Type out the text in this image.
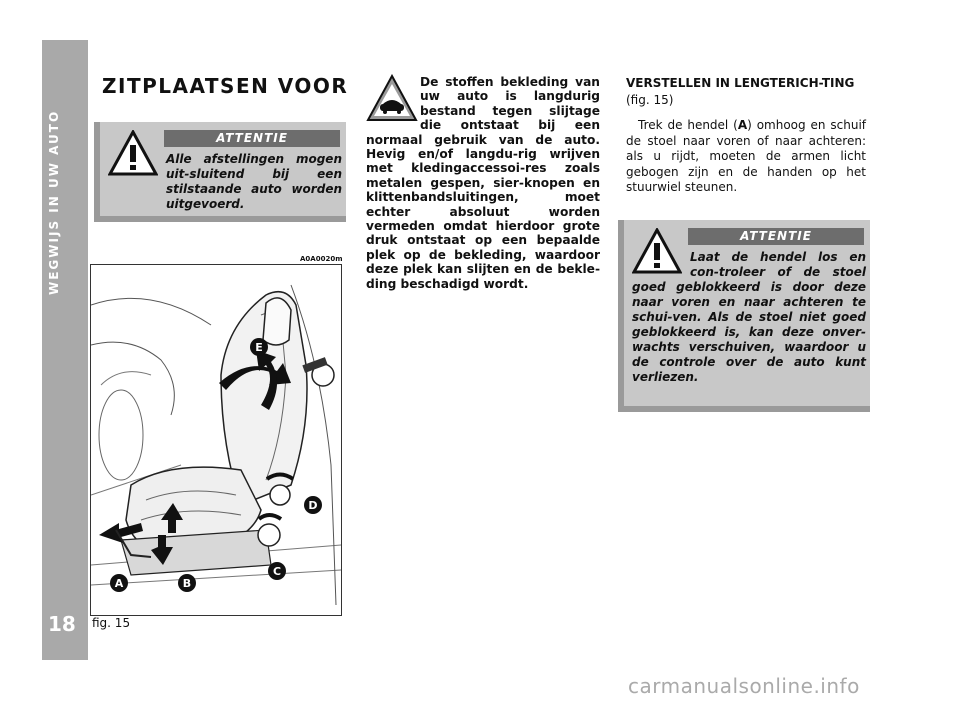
WEGWIJS IN UW AUTO
18
ZITPLAATSEN VOOR
ATTENTIE
Alle afstellingen mogen uit-sluitend bij een stilstaande auto worden uitgevoerd.
De stoffen bekleding van uw auto is langdurig bestand tegen slijtage die ontstaat bij een normaal gebruik van de auto. Hevig en/of langdu-rig wrijven met kledingaccessoi-res zoals metalen gespen, sier-knopen en klittenbandsluitingen, moet echter absoluut worden vermeden omdat hierdoor grote druk ontstaat op een bepaalde plek op de bekleding, waardoor deze plek kan slijten en de bekle-ding beschadigd wordt.
VERSTELLEN IN LENGTERICH-TING (fig. 15)
Trek de hendel (A) omhoog en schuif de stoel naar voren of naar achteren: als u rijdt, moeten de armen licht gebogen zijn en de handen op het stuurwiel steunen.
ATTENTIE
Laat de hendel los en con-troleer of de stoel goed geblokkeerd is door deze naar voren en naar achteren te schui-ven. Als de stoel niet goed geblokkeerd is, kan deze onver-wachts verschuiven, waardoor u de controle over de auto kunt verliezen.
A0A0020m
E
D
C
B
A
fig. 15
carmanualsonline.info
